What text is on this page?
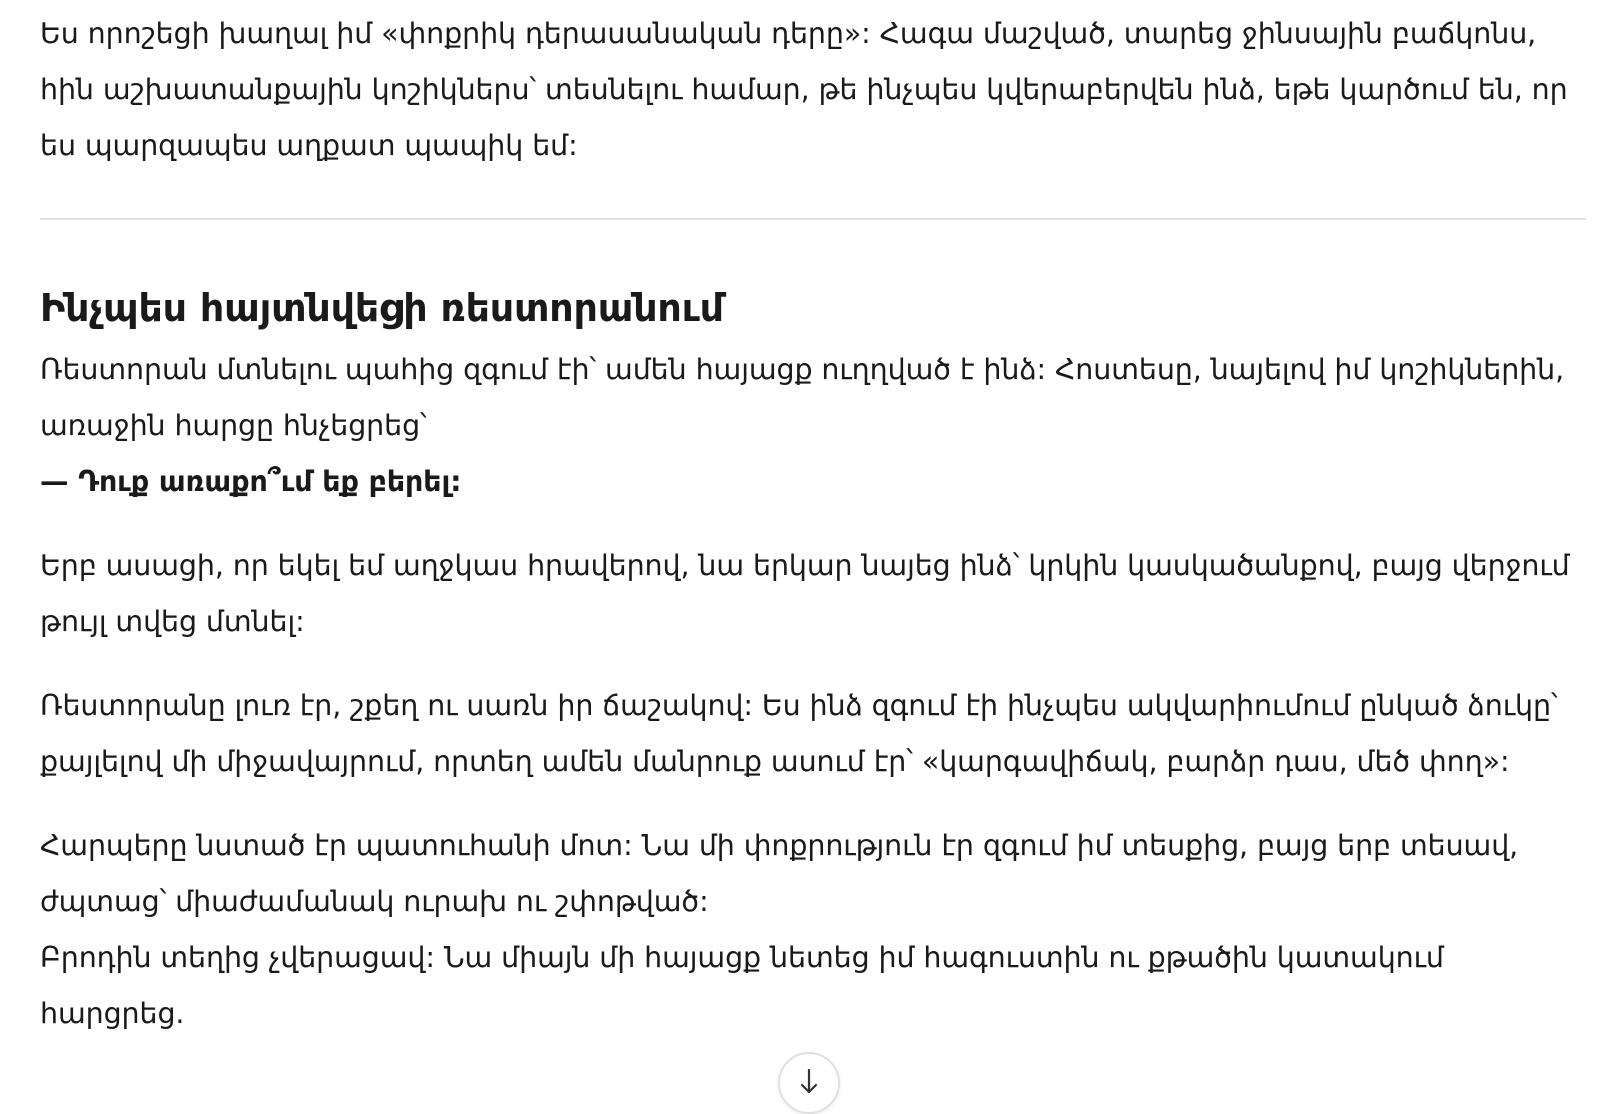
Ես որոշեցի խաղալ իմ «փոքրիկ դերասանական դերը»: Հագա մաշված, տարեց ջինսային բաճկոնս,
հին աշխատանքային կոշիկներս՝ տեսնելու համար, թե ինչպես կվերաբերվեն ինձ, եթե կարծում են, որ
ես պարզապես աղքատ պապիկ եմ:

Ինչպես հայտնվեցի ռեստորանում

Ռեստորան մտնելու պահից զգում էի՝ ամեն հայացք ուղղված է ինձ: Հոստեսը, նայելով իմ կոշիկներին,
առաջին հարցը հնչեցրեց՝
— Դուք առաքո՞ւմ եք բերել:

Երբ ասացի, որ եկել եմ աղջկաս հրավերով, նա երկար նայեց ինձ՝ կրկին կասկածանքով, բայց վերջում
թույլ տվեց մտնել:

Ռեստորանը լուռ էր, շքեղ ու սառն իր ճաշակով: Ես ինձ զգում էի ինչպես ակվարիումում ընկած ձուկը՝
քայլելով մի միջավայրում, որտեղ ամեն մանրուք ասում էր՝ «կարգավիճակ, բարձր դաս, մեծ փող»:

Հարպերը նստած էր պատուհանի մոտ: Նա մի փոքրություն էր զգում իմ տեսքից, բայց երբ տեսավ,
ժպտաց՝ միաժամանակ ուրախ ու շփոթված:
Բրոդին տեղից չվերացավ: Նա միայն մի հայացք նետեց իմ հագուստին ու քթածին կատակում
հարցրեց.
